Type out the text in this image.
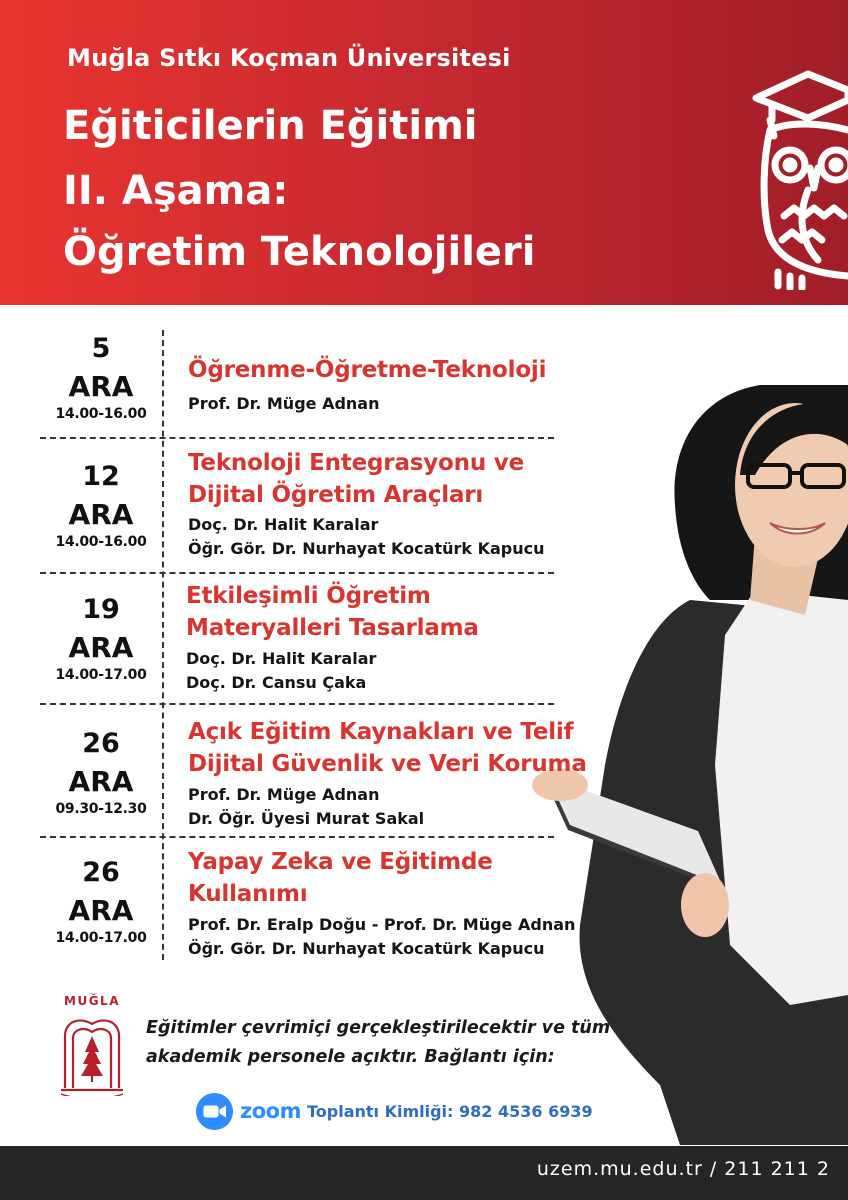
Muğla Sıtkı Koçman Üniversitesi
Eğiticilerin Eğitimi
II. Aşama:
Öğretim Teknolojileri
5
ARA
14.00-16.00
Öğrenme-Öğretme-Teknoloji
Prof. Dr. Müge Adnan
12
ARA
14.00-16.00
Teknoloji Entegrasyonu ve
Dijital Öğretim Araçları
Doç. Dr. Halit Karalar
Öğr. Gör. Dr. Nurhayat Kocatürk Kapucu
19
ARA
14.00-17.00
Etkileşimli Öğretim
Materyalleri Tasarlama
Doç. Dr. Halit Karalar
Doç. Dr. Cansu Çaka
26
ARA
09.30-12.30
Açık Eğitim Kaynakları ve Telif
Dijital Güvenlik ve Veri Koruma
Prof. Dr. Müge Adnan
Dr. Öğr. Üyesi Murat Sakal
26
ARA
14.00-17.00
Yapay Zeka ve Eğitimde
Kullanımı
Prof. Dr. Eralp Doğu - Prof. Dr. Müge Adnan
Öğr. Gör. Dr. Nurhayat Kocatürk Kapucu
MUĞLA
Eğitimler çevrimiçi gerçekleştirilecektir ve tüm
akademik personele açıktır. Bağlantı için:
zoom Toplantı Kimliği: 982 4536 6939
uzem.mu.edu.tr / 211 211 2
